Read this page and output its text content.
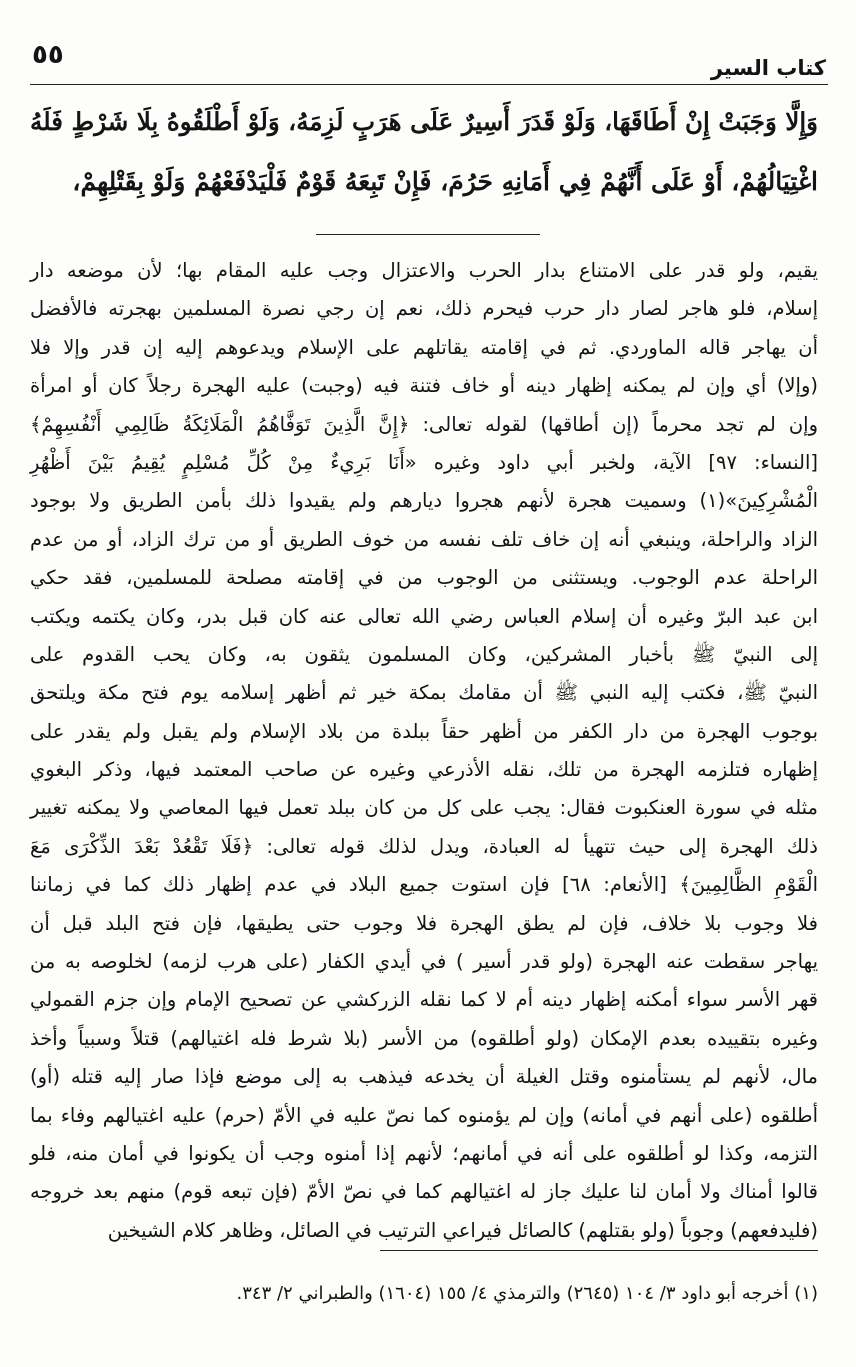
٥٥	كتاب السير
وَإِلَّا وَجَبَتْ إِنْ أَطَاقَهَا، وَلَوْ قَدَرَ أَسِيرٌ عَلَى هَرَبٍ لَزِمَهُ، وَلَوْ أَطْلَقُوهُ بِلَا شَرْطٍ فَلَهُ
اغْتِيَالُهُمْ، أَوْ عَلَى أَنَّهُمْ فِي أَمَانِهِ حَرُمَ، فَإِنْ تَبِعَهُ قَوْمٌ فَلْيَدْفَعْهُمْ وَلَوْ بِقَتْلِهِمْ،
يقيم، ولو قدر على الامتناع بدار الحرب والاعتزال وجب عليه المقام بها؛ لأن موضعه دار
إسلام، فلو هاجر لصار دار حرب فيحرم ذلك، نعم إن رجي نصرة المسلمين بهجرته فالأفضل
أن يهاجر قاله الماوردي. ثم في إقامته يقاتلهم على الإسلام ويدعوهم إليه إن قدر وإلا فلا
(وإلا) أي وإن لم يمكنه إظهار دينه أو خاف فتنة فيه (وجبت) عليه الهجرة رجلاً كان أو امرأة
وإن لم تجد محرماً (إن أطاقها) لقوله تعالى: ﴿إِنَّ الَّذِينَ تَوَفَّاهُمُ الْمَلَائِكَةُ ظَالِمِي أَنْفُسِهِمْ﴾
[النساء: ٩٧] الآية، ولخبر أبي داود وغيره «أَنَا بَرِيءٌ مِنْ كُلِّ مُسْلِمٍ يُقِيمُ بَيْنَ أَظْهُرِ
الْمُشْرِكِينَ»(١) وسميت هجرة لأنهم هجروا ديارهم ولم يقيدوا ذلك بأمن الطريق ولا بوجود
الزاد والراحلة، وينبغي أنه إن خاف تلف نفسه من خوف الطريق أو من ترك الزاد، أو من عدم
الراحلة عدم الوجوب. ويستثنى من الوجوب من في إقامته مصلحة للمسلمين، فقد حكي
ابن عبد البرّ وغيره أن إسلام العباس رضي الله تعالى عنه كان قبل بدر، وكان يكتمه ويكتب
إلى النبيّ ﷺ بأخبار المشركين، وكان المسلمون يثقون به، وكان يحب القدوم على
النبيّ ﷺ، فكتب إليه النبي ﷺ أن مقامك بمكة خير ثم أظهر إسلامه يوم فتح مكة ويلتحق
بوجوب الهجرة من دار الكفر من أظهر حقاً ببلدة من بلاد الإسلام ولم يقبل ولم يقدر على
إظهاره فتلزمه الهجرة من تلك، نقله الأذرعي وغيره عن صاحب المعتمد فيها، وذكر البغوي
مثله في سورة العنكبوت فقال: يجب على كل من كان ببلد تعمل فيها المعاصي ولا يمكنه تغيير
ذلك الهجرة إلى حيث تتهيأ له العبادة، ويدل لذلك قوله تعالى: ﴿فَلَا تَقْعُدْ بَعْدَ الذِّكْرَى مَعَ
الْقَوْمِ الظَّالِمِينَ﴾ [الأنعام: ٦٨] فإن استوت جميع البلاد في عدم إظهار ذلك كما في زماننا
فلا وجوب بلا خلاف، فإن لم يطق الهجرة فلا وجوب حتى يطيقها، فإن فتح البلد قبل أن
يهاجر سقطت عنه الهجرة (ولو قدر أسير ) في أيدي الكفار (على هرب لزمه) لخلوصه به من
قهر الأسر سواء أمكنه إظهار دينه أم لا كما نقله الزركشي عن تصحيح الإمام وإن جزم القمولي
وغيره بتقييده بعدم الإمكان (ولو أطلقوه) من الأسر (بلا شرط فله اغتيالهم) قتلاً وسبياً وأخذ
مال، لأنهم لم يستأمنوه وقتل الغيلة أن يخدعه فيذهب به إلى موضع فإذا صار إليه قتله (أو)
أطلقوه (على أنهم في أمانه) وإن لم يؤمنوه كما نصّ عليه في الأمّ (حرم) عليه اغتيالهم وفاء بما
التزمه، وكذا لو أطلقوه على أنه في أمانهم؛ لأنهم إذا أمنوه وجب أن يكونوا في أمان منه، فلو
قالوا أمناك ولا أمان لنا عليك جاز له اغتيالهم كما في نصّ الأمّ (فإن تبعه قوم) منهم بعد خروجه
(فليدفعهم) وجوباً (ولو بقتلهم) كالصائل فيراعي الترتيب في الصائل، وظاهر كلام الشيخين
(١) أخرجه أبو داود ٣/ ١٠٤ (٢٦٤٥) والترمذي ٤/ ١٥٥ (١٦٠٤) والطبراني ٢/ ٣٤٣.
